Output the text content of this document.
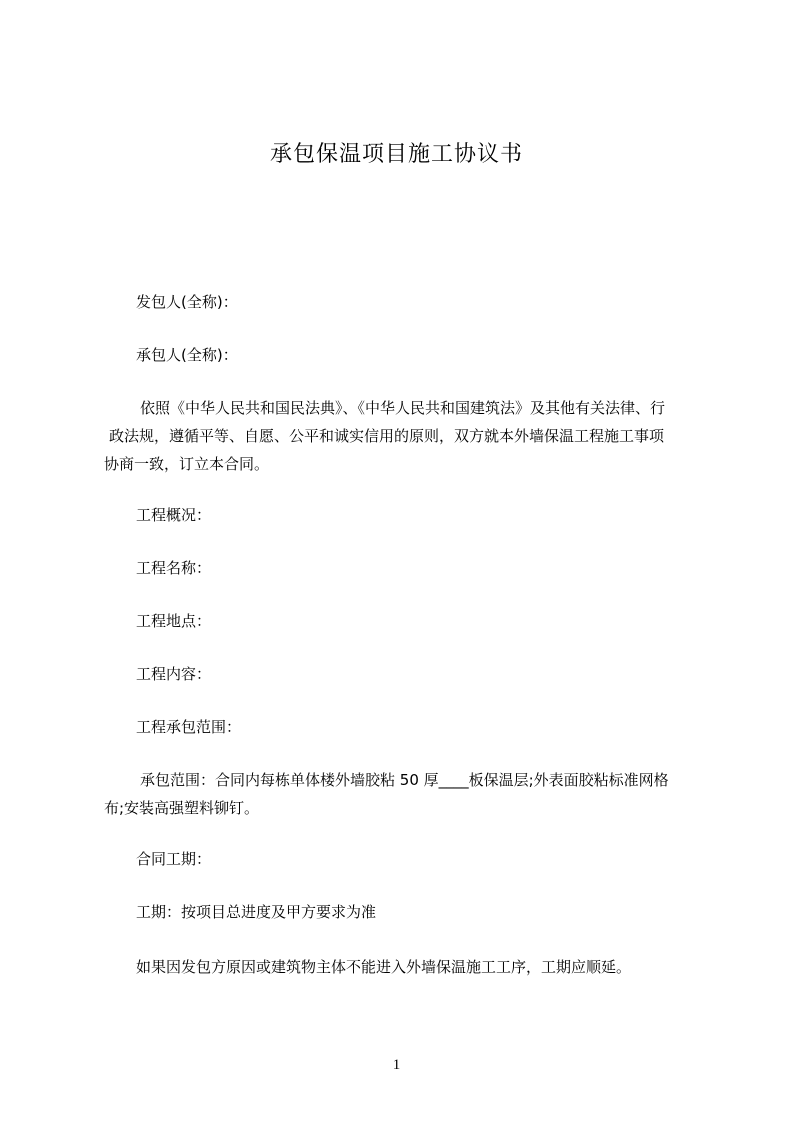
承包保温项目施工协议书

发包人(全称)：

承包人(全称)：

依照《中华人民共和国民法典》、《中华人民共和国建筑法》及其他有关法律、行
政法规，遵循平等、自愿、公平和诚实信用的原则，双方就本外墙保温工程施工事项
协商一致，订立本合同。

工程概况：

工程名称：

工程地点：

工程内容：

工程承包范围：

承包范围：合同内每栋单体楼外墙胶粘 50 厚____板保温层;外表面胶粘标准网格
布;安装高强塑料铆钉。

合同工期：

工期：按项目总进度及甲方要求为准

如果因发包方原因或建筑物主体不能进入外墙保温施工工序，工期应顺延。

1
